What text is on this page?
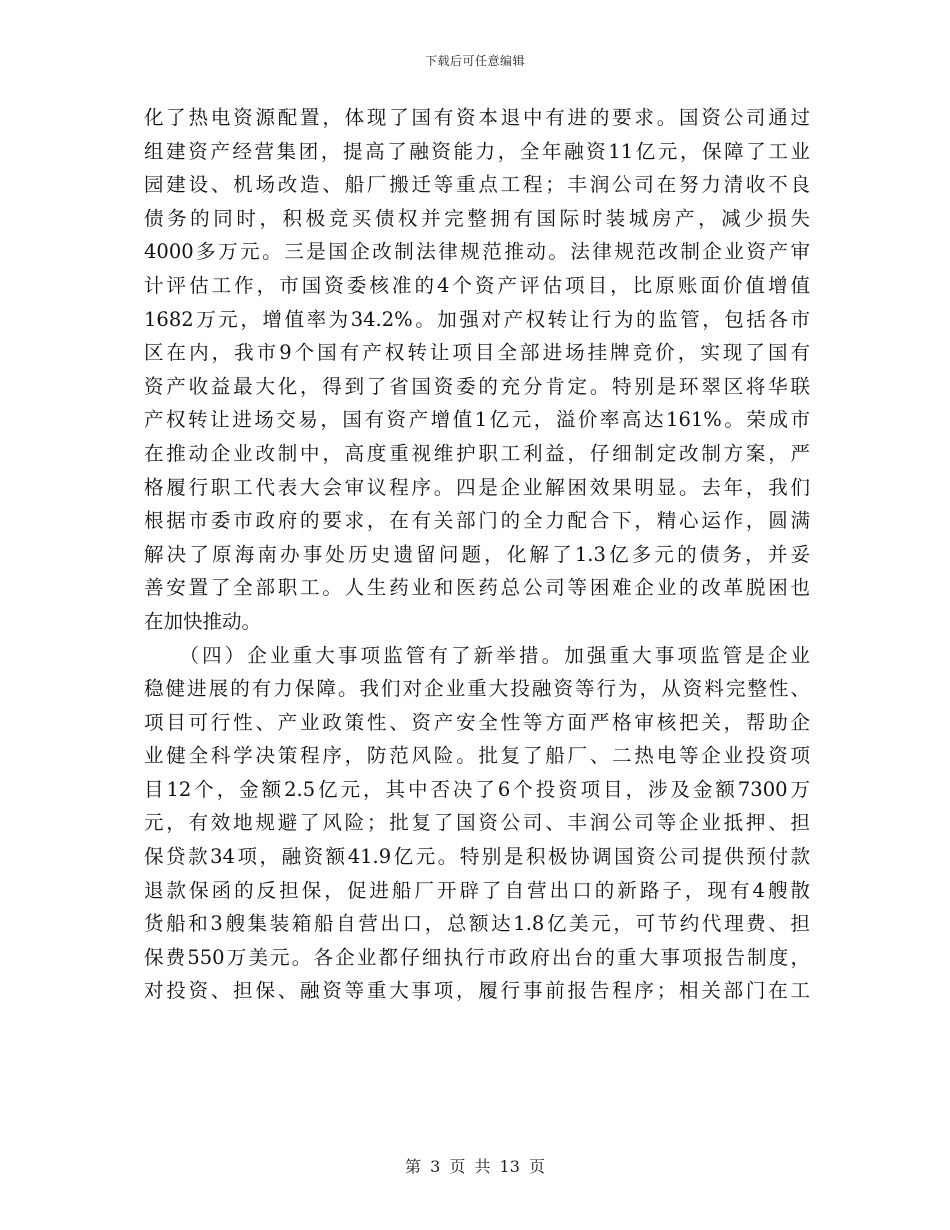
下载后可任意编辑
化了热电资源配置，体现了国有资本退中有进的要求。国资公司通过
组建资产经营集团，提高了融资能力，全年融资11亿元，保障了工业
园建设、机场改造、船厂搬迁等重点工程；丰润公司在努力清收不良
债务的同时，积极竞买债权并完整拥有国际时装城房产，减少损失
4000多万元。三是国企改制法律规范推动。法律规范改制企业资产审
计评估工作，市国资委核准的4个资产评估项目，比原账面价值增值
1682万元，增值率为34.2%。加强对产权转让行为的监管，包括各市
区在内，我市9个国有产权转让项目全部进场挂牌竞价，实现了国有
资产收益最大化，得到了省国资委的充分肯定。特别是环翠区将华联
产权转让进场交易，国有资产增值1亿元，溢价率高达161%。荣成市
在推动企业改制中，高度重视维护职工利益，仔细制定改制方案，严
格履行职工代表大会审议程序。四是企业解困效果明显。去年，我们
根据市委市政府的要求，在有关部门的全力配合下，精心运作，圆满
解决了原海南办事处历史遗留问题，化解了1.3亿多元的债务，并妥
善安置了全部职工。人生药业和医药总公司等困难企业的改革脱困也
在加快推动。
　　（四）企业重大事项监管有了新举措。加强重大事项监管是企业
稳健进展的有力保障。我们对企业重大投融资等行为，从资料完整性、
项目可行性、产业政策性、资产安全性等方面严格审核把关，帮助企
业健全科学决策程序，防范风险。批复了船厂、二热电等企业投资项
目12个，金额2.5亿元，其中否决了6个投资项目，涉及金额7300万
元，有效地规避了风险；批复了国资公司、丰润公司等企业抵押、担
保贷款34项，融资额41.9亿元。特别是积极协调国资公司提供预付款
退款保函的反担保，促进船厂开辟了自营出口的新路子，现有4艘散
货船和3艘集装箱船自营出口，总额达1.8亿美元，可节约代理费、担
保费550万美元。各企业都仔细执行市政府出台的重大事项报告制度，
对投资、担保、融资等重大事项，履行事前报告程序；相关部门在工
第 3 页 共 13 页
